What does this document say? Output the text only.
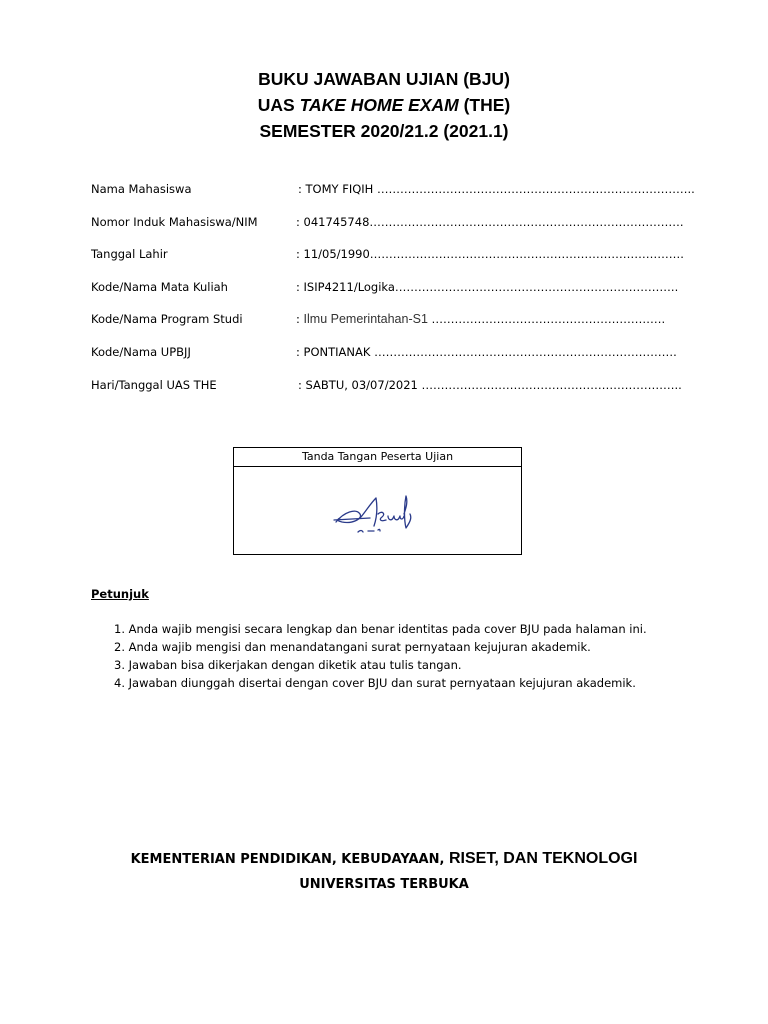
BUKU JAWABAN UJIAN (BJU)
UAS TAKE HOME EXAM (THE)
SEMESTER 2020/21.2 (2021.1)
Nama Mahasiswa	: TOMY FIQIH ………………………………………………………………………..
Nomor Induk Mahasiswa/NIM	: 041745748……………………………………………………………………….
Tanggal Lahir	: 11/05/1990……………………………………………………………………….
Kode/Nama Mata Kuliah	: ISIP4211/Logika………………………………………………………………..
Kode/Nama Program Studi	: Ilmu Pemerintahan-S1 …………………………………………………….
Kode/Nama UPBJJ	: PONTIANAK …………………………………………………………………….
Hari/Tanggal UAS THE	: SABTU, 03/07/2021 …………………………………………………………..
Tanda Tangan Peserta Ujian
Petunjuk
1. Anda wajib mengisi secara lengkap dan benar identitas pada cover BJU pada halaman ini.
2. Anda wajib mengisi dan menandatangani surat pernyataan kejujuran akademik.
3. Jawaban bisa dikerjakan dengan diketik atau tulis tangan.
4. Jawaban diunggah disertai dengan cover BJU dan surat pernyataan kejujuran akademik.
KEMENTERIAN PENDIDIKAN, KEBUDAYAAN, RISET, DAN TEKNOLOGI
UNIVERSITAS TERBUKA
